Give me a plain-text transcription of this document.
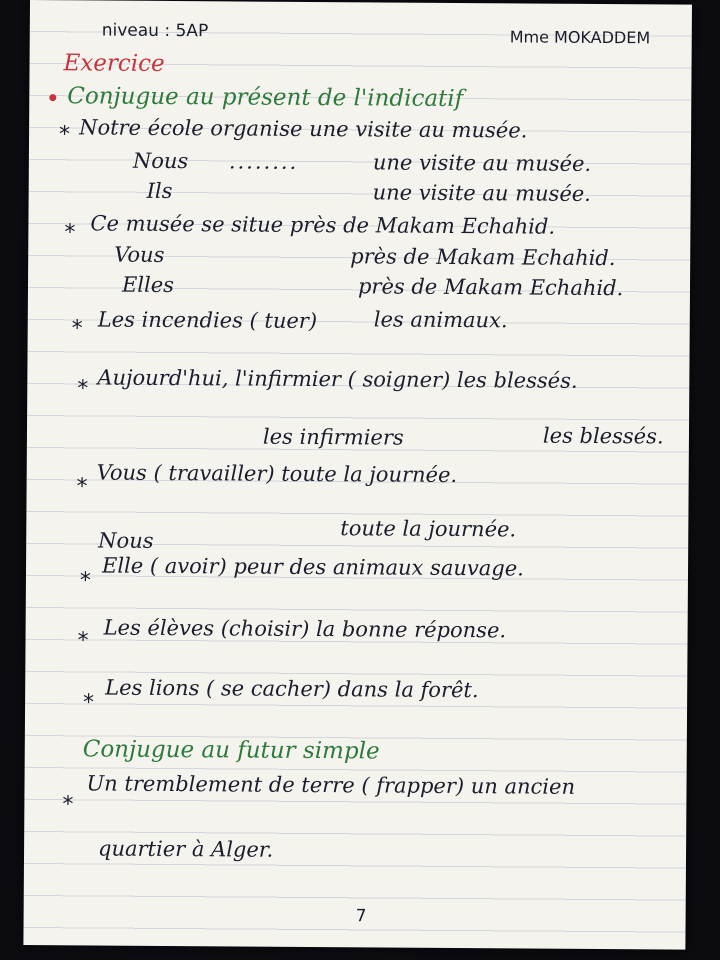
niveau : 5AP	Mme MOKADDEM
Exercice
Conjugue au présent de l'indicatif
* Notre école organise une visite au musée.
Nous ........	une visite au musée.
Ils	une visite au musée.
* Ce musée se situe près de Makam Echahid.
Vous	près de Makam Echahid.
Elles	près de Makam Echahid.
* Les incendies ( tuer)	les animaux.
* Aujourd'hui, l'infirmier ( soigner) les blessés.
les infirmiers	les blessés.
* Vous ( travailler) toute la journée.
Nous	toute la journée.
*
Elle ( avoir) peur des animaux sauvage.
* Les élèves (choisir) la bonne réponse.
*
Les lions ( se cacher) dans la forêt.
Conjugue au futur simple
*
Un tremblement de terre ( frapper) un ancien
quartier à Alger.
7
